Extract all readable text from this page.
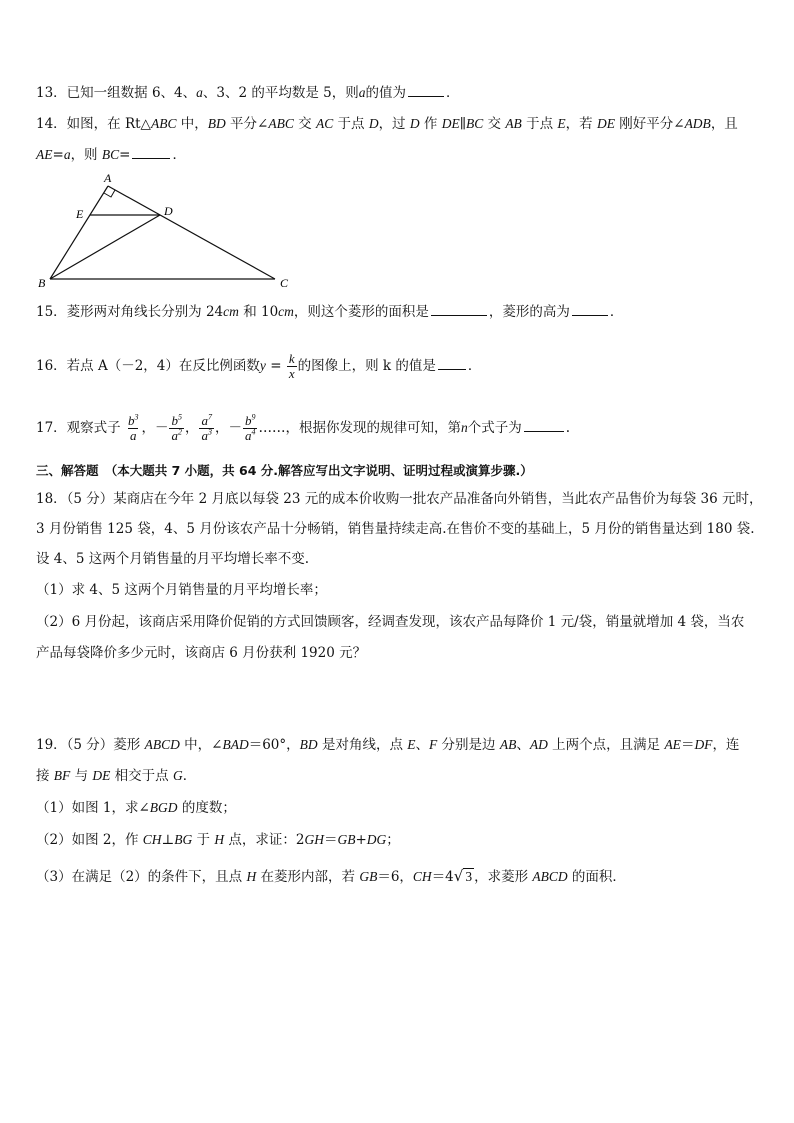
13．已知一组数据 6、4、a、3、2 的平均数是 5，则a的值为	．
14．如图，在 Rt△ABC 中，BD 平分∠ABC 交 AC 于点 D，过 D 作 DE∥BC 交 AB 于点 E，若 DE 刚好平分∠ADB，且
AE=a，则 BC=	．
A
E	D
B	C
15．菱形两对角线长分别为 24cm 和 10cm，则这个菱形的面积是	，菱形的高为	．
16．若点 A（－2，4）在反比例函数$y = \frac{k}{x}$ 的图像上，则 k 的值是 ．
17．观察式子 $\frac{b^3}{a}$ ，－ $\frac{b^5}{a^2}$ ， $\frac{a^7}{a^3}$ ，－ $\frac{b^9}{a^4}$ ……，根据你发现的规律可知，第n个式子为	.
三、解答题　（本大题共 7 小题，共 64 分.解答应写出文字说明、证明过程或演算步骤.）
18．（5 分）某商店在今年 2 月底以每袋 23 元的成本价收购一批农产品准备向外销售，当此农产品售价为每袋 36 元时，
3 月份销售 125 袋，4、5 月份该农产品十分畅销，销售量持续走高.在售价不变的基础上，5 月份的销售量达到 180 袋.
设 4、5 这两个月销售量的月平均增长率不变.
（1）求 4、5 这两个月销售量的月平均增长率；
（2）6 月份起，该商店采用降价促销的方式回馈顾客，经调查发现，该农产品每降价 1 元/袋，销量就增加 4 袋，当农
产品每袋降价多少元时，该商店 6 月份获利 1920 元？
19．（5 分）菱形 ABCD 中，∠BAD＝60°，BD 是对角线，点 E、F 分别是边 AB、AD 上两个点，且满足 AE＝DF，连
接 BF 与 DE 相交于点 G．
（1）如图 1，求∠BGD 的度数；
（2）如图 2，作 CH⊥BG 于 H 点，求证：2GH＝GB+DG；
（3）在满足（2）的条件下，且点 H 在菱形内部，若 GB＝6，CH＝4√ 3 ，求菱形 ABCD 的面积．
